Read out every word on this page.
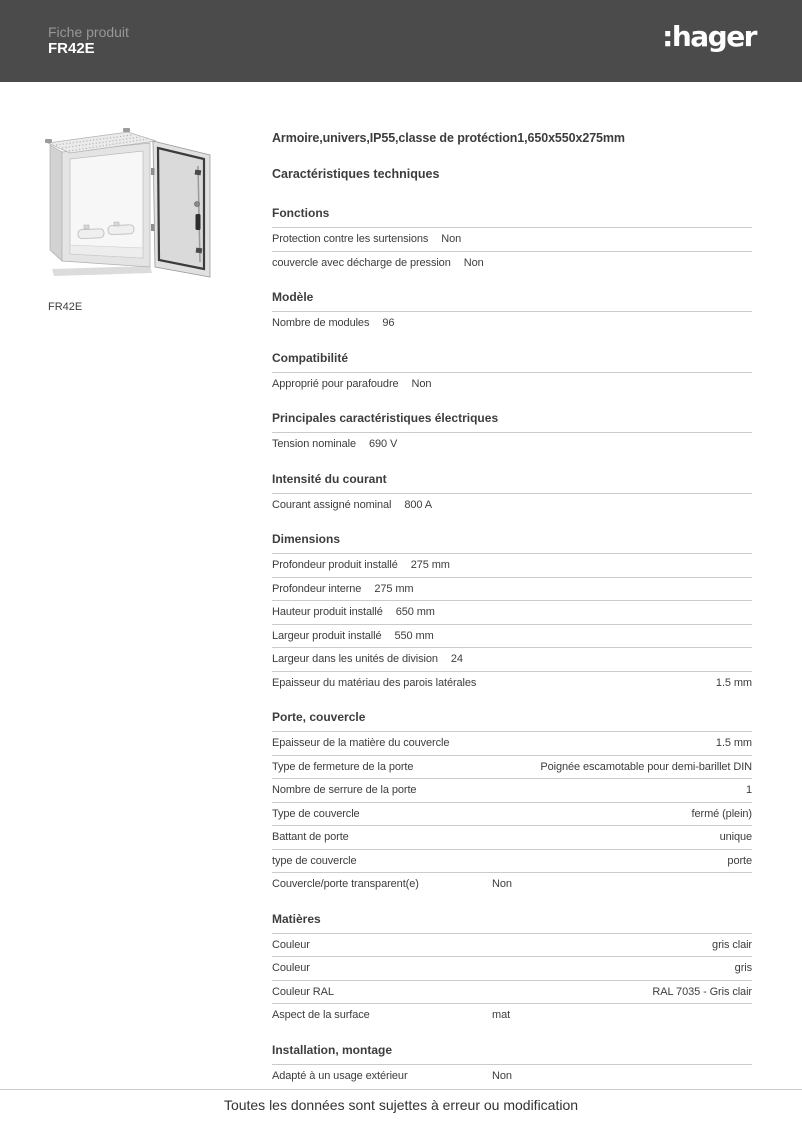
Fiche produit
FR42E	:hager
FR42E
Armoire,univers,IP55,classe de protéction1,650x550x275mm
Caractéristiques techniques
Fonctions
Protection contre les surtensions Non
couvercle avec décharge de pression Non
Modèle
Nombre de modules 96
Compatibilité
Approprié pour parafoudre Non
Principales caractéristiques électriques
Tension nominale 690 V
Intensité du courant
Courant assigné nominal 800 A
Dimensions
Profondeur produit installé 275 mm
Profondeur interne 275 mm
Hauteur produit installé 650 mm
Largeur produit installé 550 mm
Largeur dans les unités de division 24
Epaisseur du matériau des parois latérales	1.5 mm
Porte, couvercle
Epaisseur de la matière du couvercle	1.5 mm
Type de fermeture de la porte	Poignée escamotable pour demi-barillet DIN
Nombre de serrure de la porte	1
Type de couvercle	fermé (plein)
Battant de porte	unique
type de couvercle	porte
Couvercle/porte transparent(e)	Non
Matières
Couleur	gris clair
Couleur	gris
Couleur RAL	RAL 7035 - Gris clair
Aspect de la surface	mat
Installation, montage
Adapté à un usage extérieur	Non
Toutes les données sont sujettes à erreur ou modification
